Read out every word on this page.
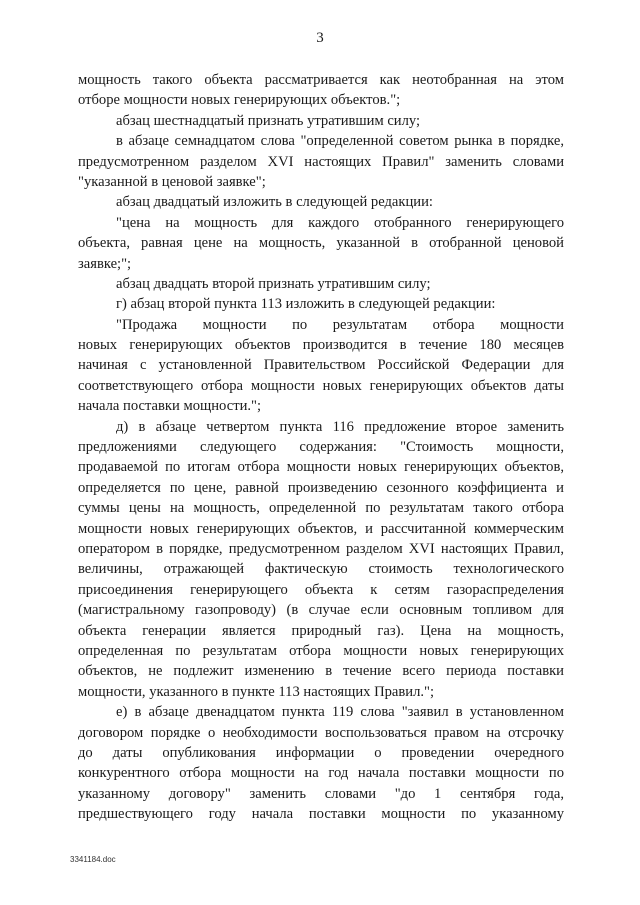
3
мощность такого объекта рассматривается как неотобранная на этом
отборе мощности новых генерирующих объектов.";
абзац шестнадцатый признать утратившим силу;
в абзаце семнадцатом слова "определенной советом рынка в порядке,
предусмотренном разделом XVI настоящих Правил" заменить словами
"указанной в ценовой заявке";
абзац двадцатый изложить в следующей редакции:
"цена на мощность для каждого отобранного генерирующего
объекта, равная цене на мощность, указанной в отобранной ценовой
заявке;";
абзац двадцать второй признать утратившим силу;
г) абзац второй пункта 113 изложить в следующей редакции:
"Продажа мощности по результатам отбора мощности
новых генерирующих объектов производится в течение 180 месяцев
начиная с установленной Правительством Российской Федерации для
соответствующего отбора мощности новых генерирующих объектов даты
начала поставки мощности.";
д) в абзаце четвертом пункта 116 предложение второе заменить
предложениями следующего содержания: "Стоимость мощности,
продаваемой по итогам отбора мощности новых генерирующих объектов,
определяется по цене, равной произведению сезонного коэффициента и
суммы цены на мощность, определенной по результатам такого отбора
мощности новых генерирующих объектов, и рассчитанной коммерческим
оператором в порядке, предусмотренном разделом XVI настоящих Правил,
величины, отражающей фактическую стоимость технологического
присоединения генерирующего объекта к сетям газораспределения
(магистральному газопроводу) (в случае если основным топливом для
объекта генерации является природный газ). Цена на мощность,
определенная по результатам отбора мощности новых генерирующих
объектов, не подлежит изменению в течение всего периода поставки
мощности, указанного в пункте 113 настоящих Правил.";
е) в абзаце двенадцатом пункта 119 слова "заявил в установленном
договором порядке о необходимости воспользоваться правом на отсрочку
до даты опубликования информации о проведении очередного
конкурентного отбора мощности на год начала поставки мощности по
указанному договору" заменить словами "до 1 сентября года,
предшествующего году начала поставки мощности по указанному
3341184.doc
